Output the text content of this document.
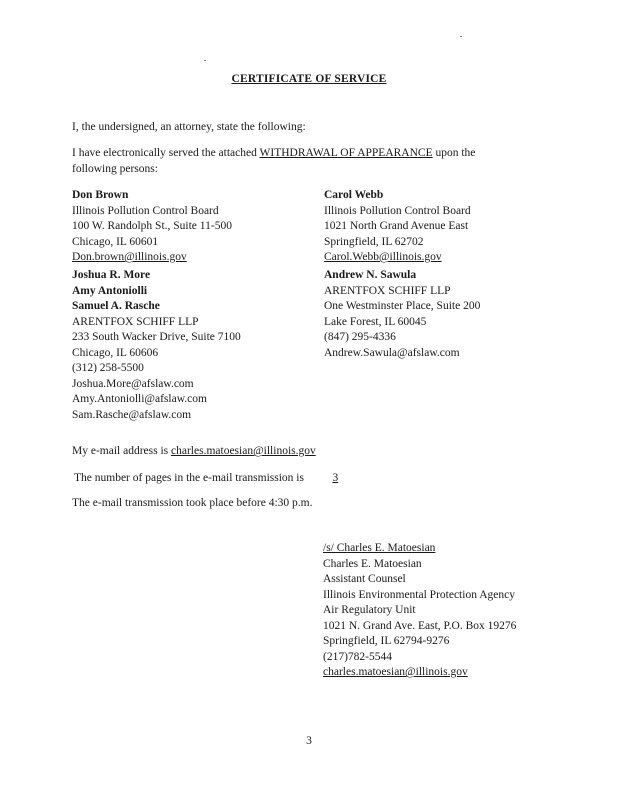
CERTIFICATE OF SERVICE
I, the undersigned, an attorney, state the following:
I have electronically served the attached WITHDRAWAL OF APPEARANCE upon the
following persons:
Don Brown
Illinois Pollution Control Board
100 W. Randolph St., Suite 11-500
Chicago, IL 60601
Don.brown@illinois.gov
Joshua R. More
Amy Antoniolli
Samuel A. Rasche
ARENTFOX SCHIFF LLP
233 South Wacker Drive, Suite 7100
Chicago, IL 60606
(312) 258-5500
Joshua.More@afslaw.com
Amy.Antoniolli@afslaw.com
Sam.Rasche@afslaw.com
Carol Webb
Illinois Pollution Control Board
1021 North Grand Avenue East
Springfield, IL 62702
Carol.Webb@illinois.gov
Andrew N. Sawula
ARENTFOX SCHIFF LLP
One Westminster Place, Suite 200
Lake Forest, IL 60045
(847) 295-4336
Andrew.Sawula@afslaw.com
My e-mail address is charles.matoesian@illinois.gov
The number of pages in the e-mail transmission is 3
The e-mail transmission took place before 4:30 p.m.
/s/ Charles E. Matoesian
Charles E. Matoesian
Assistant Counsel
Illinois Environmental Protection Agency
Air Regulatory Unit
1021 N. Grand Ave. East, P.O. Box 19276
Springfield, IL 62794-9276
(217)782-5544
charles.matoesian@illinois.gov
3
